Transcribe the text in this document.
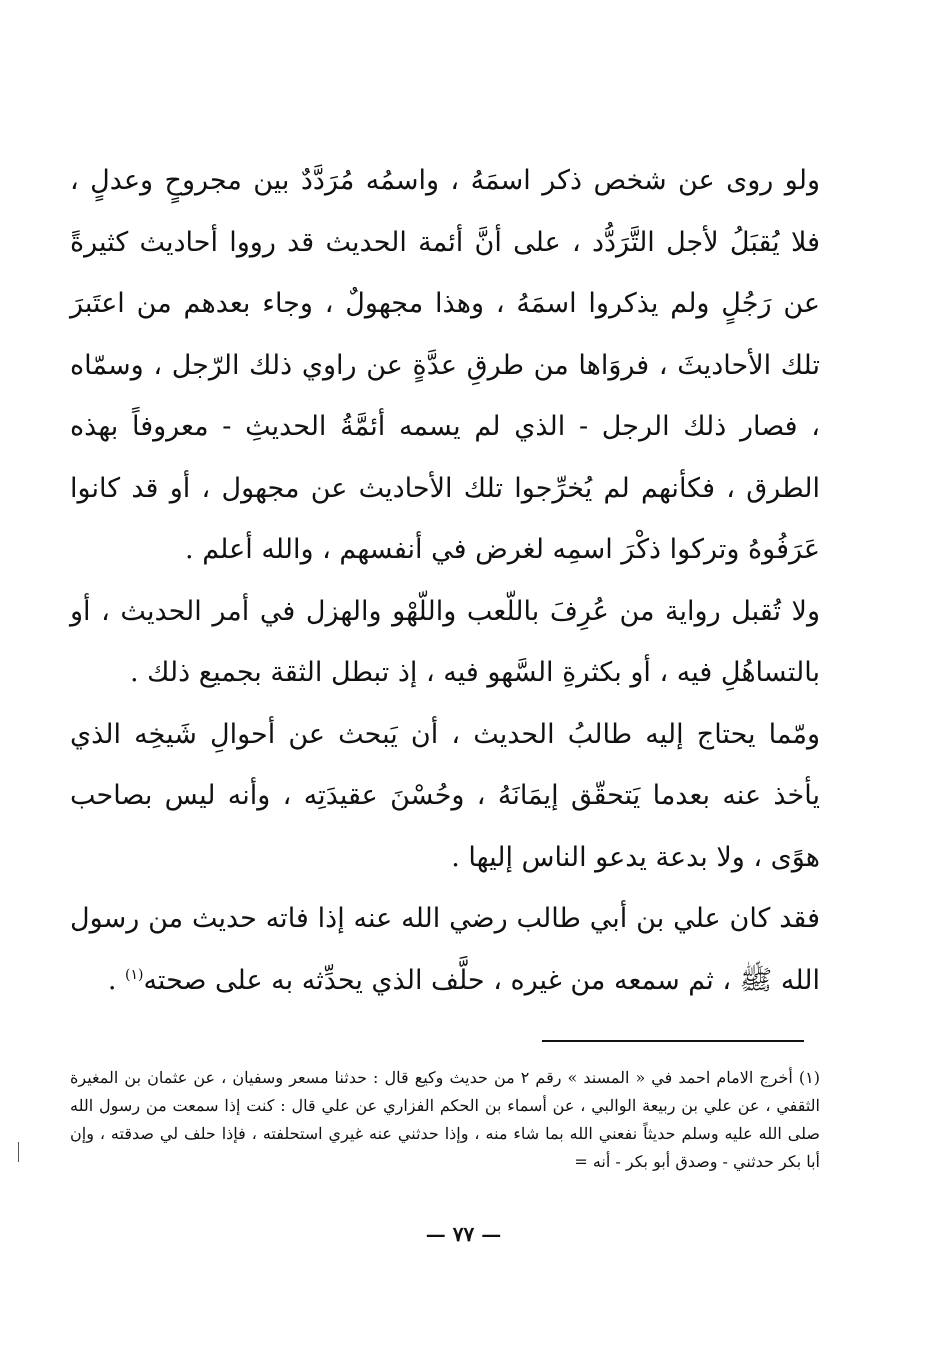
ولو روى عن شخص ذكر اسمَهُ ، واسمُه مُرَدَّدٌ بين مجروحٍ وعدلٍ ، فلا يُقبَلُ لأجل التَّرَدُّد ، على أنَّ أئمة الحديث قد رووا أحاديث كثيرةً عن رَجُلٍ ولم يذكروا اسمَهُ ، وهذا مجهولٌ ، وجاء بعدهم من اعتَبرَ تلك الأحاديثَ ، فروَاها من طرقِ عدَّةٍ عن راوي ذلك الرّجل ، وسمّاه ، فصار ذلك الرجل - الذي لم يسمه أئمَّةُ الحديثِ - معروفاً بهذه الطرق ، فكأنهم لم يُخرِّجوا تلك الأحاديث عن مجهول ، أو قد كانوا عَرَفُوهُ وتركوا ذكْرَ اسمِه لغرض في أنفسهم ، والله أعلم .

ولا تُقبل رواية من عُرِفَ باللّعب واللّهْو والهزل في أمر الحديث ، أو بالتساهُلِ فيه ، أو بكثرةِ السَّهو فيه ، إذ تبطل الثقة بجميع ذلك .

ومّما يحتاج إليه طالبُ الحديث ، أن يَبحث عن أحوالِ شَيخِه الذي يأخذ عنه بعدما يَتحقّق إيمَانَهُ ، وحُسْنَ عقيدَتِه ، وأنه ليس بصاحب هوًى ، ولا بدعة يدعو الناس إليها .

فقد كان علي بن أبي طالب رضي الله عنه إذا فاته حديث من رسول الله ﷺ ، ثم سمعه من غيره ، حلَّف الذي يحدِّثه به على صحته$^{(١)}$ .

(١) أخرج الامام احمد في « المسند » رقم ٢ من حديث وكيع قال : حدثنا مسعر وسفيان ، عن عثمان بن المغيرة الثقفي ، عن علي بن ربيعة الوالبي ، عن أسماء بن الحكم الفزاري عن علي قال : كنت إذا سمعت من رسول الله صلى الله عليه وسلم حديثاً نفعني الله بما شاء منه ، وإذا حدثني عنه غيري استحلفته ، فإذا حلف لي صدقته ، وإن أبا بكر حدثني - وصدق أبو بكر - أنه =

— ٧٧ —
